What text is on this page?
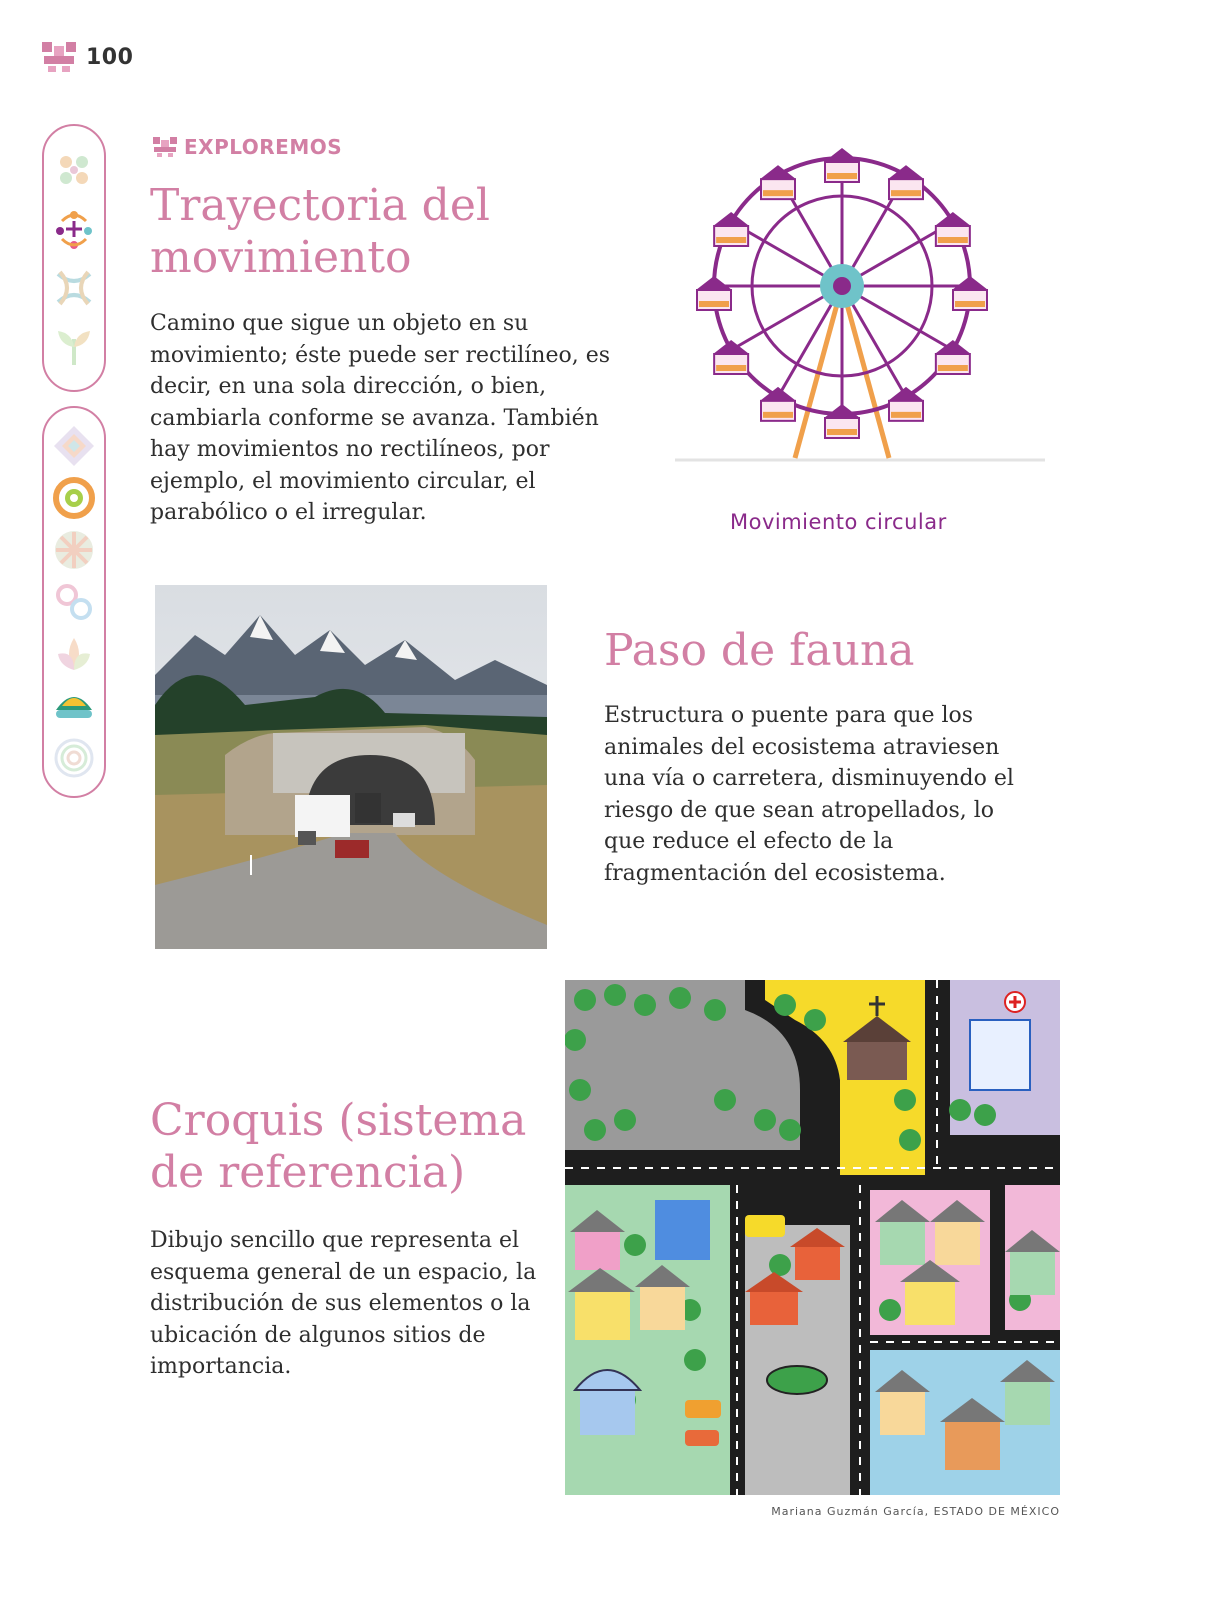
100
EXPLOREMOS
Trayectoria del movimiento

Camino que sigue un objeto en su movimiento; éste puede ser rectilíneo, es decir, en una sola dirección, o bien, cambiarla conforme se avanza. También hay movimientos no rectilíneos, por ejemplo, el movimiento circular, el parabólico o el irregular.	Movimiento circular
Paso de fauna

Estructura o puente para que los animales del ecosistema atraviesen una vía o carretera, disminuyendo el riesgo de que sean atropellados, lo que reduce el efecto de la fragmentación del ecosistema.

Croquis (sistema de referencia)

Dibujo sencillo que representa el esquema general de un espacio, la distribución de sus elementos o la ubicación de algunos sitios de importancia.

Mariana Guzmán García, ESTADO DE MÉXICO
